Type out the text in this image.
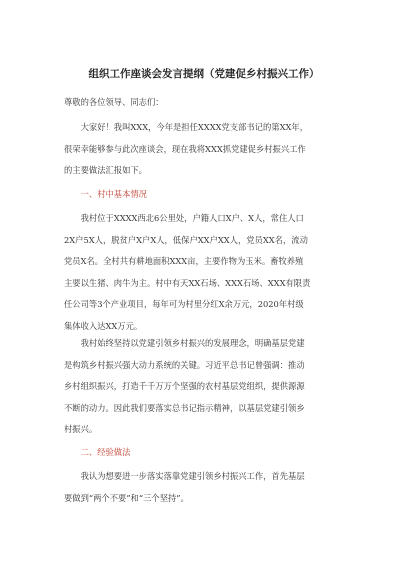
组织工作座谈会发言提纲（党建促乡村振兴工作）
尊敬的各位领导、同志们：
　　大家好！我叫XXX，今年是担任XXXX党支部书记的第XX年，
很荣幸能够参与此次座谈会，现在我将XXX抓党建促乡村振兴工作
的主要做法汇报如下。
　　一、村中基本情况
　　我村位于XXXX西北6公里处，户籍人口X户、X人，常住人口
2X户5X人，脱贫户X户X人，低保户XX户XX人，党员XX名，流动
党员X名。全村共有耕地面积XXX亩，主要作物为玉米。畜牧养殖
主要以生猪、肉牛为主。村中有天XX石场、XXX石场、XXX有限责
任公司等3个产业项目，每年可为村里分红X余万元，2020年村级
集体收入达XX万元。
　　我村始终坚持以党建引领乡村振兴的发展理念，明确基层党建
是构筑乡村振兴强大动力系统的关键。习近平总书记曾强调：推动
乡村组织振兴，打造千千万万个坚强的农村基层党组织，提供源源
不断的动力。因此我们要落实总书记指示精神，以基层党建引领乡
村振兴。
　　二、经验做法
　　我认为想要进一步落实落靠党建引领乡村振兴工作，首先基层
要做到“两个不要”和“三个坚持”。
